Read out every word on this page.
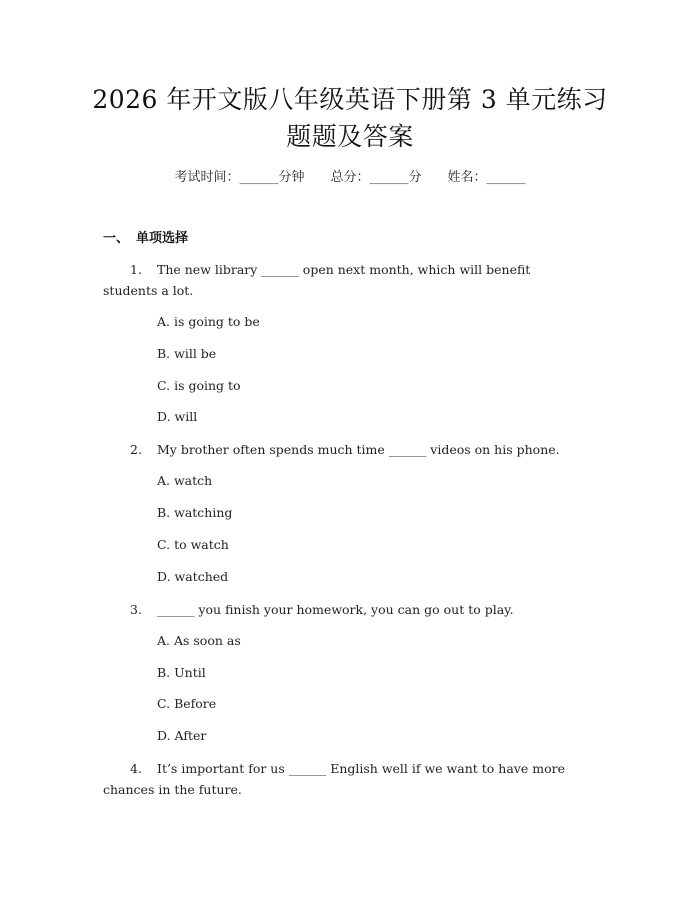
2026 年开文版八年级英语下册第 3 单元练习
题题及答案
考试时间：______分钟 总分：______分 姓名：______
一、 单项选择
1. The new library ______ open next month, which will benefit students a lot.
A. is going to be
B. will be
C. is going to
D. will
2. My brother often spends much time ______ videos on his phone.
A. watch
B. watching
C. to watch
D. watched
3. ______ you finish your homework, you can go out to play.
A. As soon as
B. Until
C. Before
D. After
4. It’s important for us ______ English well if we want to have more chances in the future.
